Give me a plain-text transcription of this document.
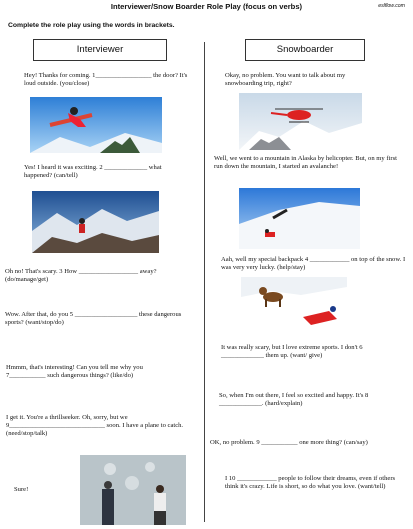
Interviewer/Snow Boarder Role Play (focus on verbs)	eslflow.com
Complete the role play using the words in brackets.
Interviewer	Snowboarder
Hey! Thanks for coming. 1_________________ the door? It's loud outside. (you/close)
Yes! I heard it was exciting. 2 _____________ what happened? (can/tell)
Oh no! That's scary. 3 How __________________ away? (do/manage/get)
Wow. After that, do you 5 ___________________ these dangerous sports? (want/stop/do)
Hmmm, that's interesting! Can you tell me why you 7___________ such dangerous things? (like/do)
I get it. You're a thrillseeker. Oh, sorry, but we 9_____________________________ soon. I have a plane to catch. (need/stop/talk)
Sure!
Okay, no problem. You want to talk about my snowboarding trip, right?
Well, we went to a mountain in Alaska by helicopter. But, on my first run down the mountain, I started an avalanche!
Aah, well my special backpack 4 ____________ on top of the snow. I was very very lucky. (help/stay)
It was really scary, but I love extreme sports. I don't 6 _____________ them up. (want/ give)
So, when I'm out there, I feel so excited and happy. It's 8 _____________. (hard/explain)
OK, no problem. 9 ___________ one more thing? (can/say)
I 10 ____________ people to follow their dreams, even if others think it's crazy. Life is short, so do what you love. (want/tell)
